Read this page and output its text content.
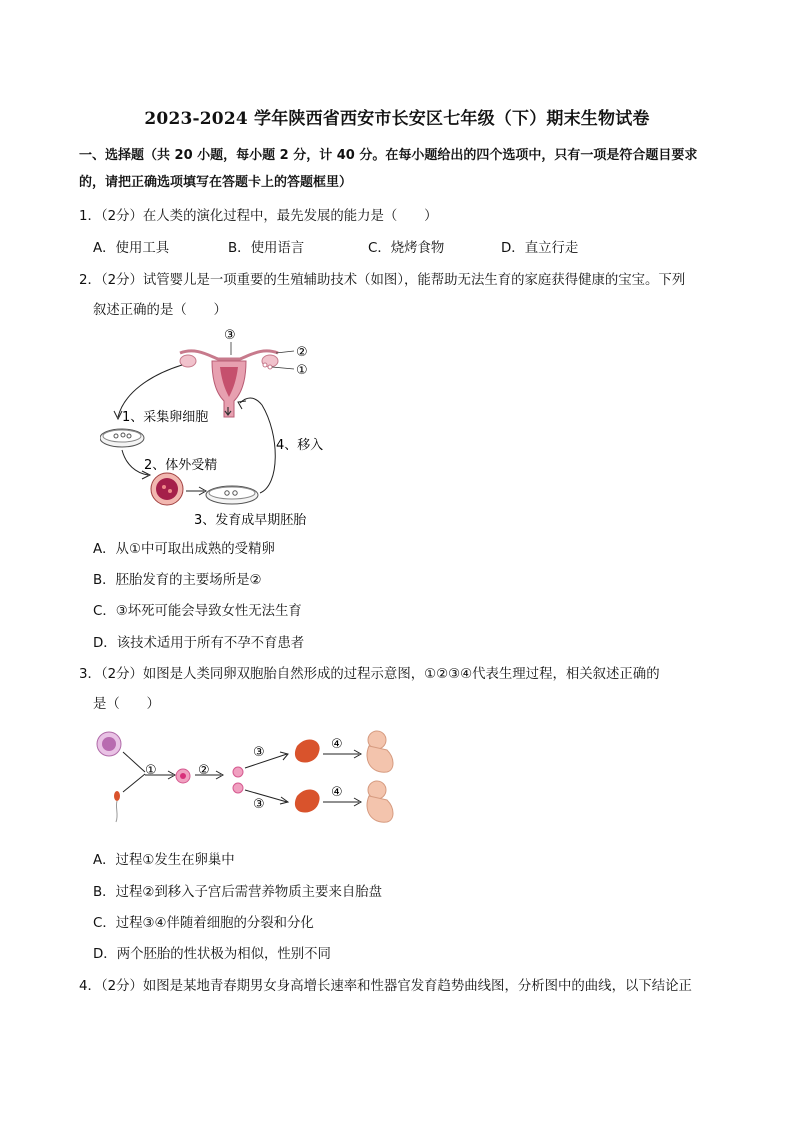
2023-2024 学年陕西省西安市长安区七年级（下）期末生物试卷
一、选择题（共 20 小题，每小题 2 分，计 40 分。在每小题给出的四个选项中，只有一项是符合题目要求
的，请把正确选项填写在答题卡上的答题框里）
1．（2分）在人类的演化过程中，最先发展的能力是（　　）
A．使用工具	B．使用语言	C．烧烤食物	D．直立行走
2．（2分）试管婴儿是一项重要的生殖辅助技术（如图），能帮助无法生育的家庭获得健康的宝宝。下列
叙述正确的是（　　）
③
②
①
1、采集卵细胞
2、体外受精
3、发育成早期胚胎
4、移入
A．从①中可取出成熟的受精卵
B．胚胎发育的主要场所是②
C．③坏死可能会导致女性无法生育
D．该技术适用于所有不孕不育患者
3．（2分）如图是人类同卵双胞胎自然形成的过程示意图，①②③④代表生理过程，相关叙述正确的
是（　　）
①	②
③
④
③
④
A．过程①发生在卵巢中
B．过程②到移入子宫后需营养物质主要来自胎盘
C．过程③④伴随着细胞的分裂和分化
D．两个胚胎的性状极为相似，性别不同
4．（2分）如图是某地青春期男女身高增长速率和性器官发育趋势曲线图，分析图中的曲线，以下结论正
